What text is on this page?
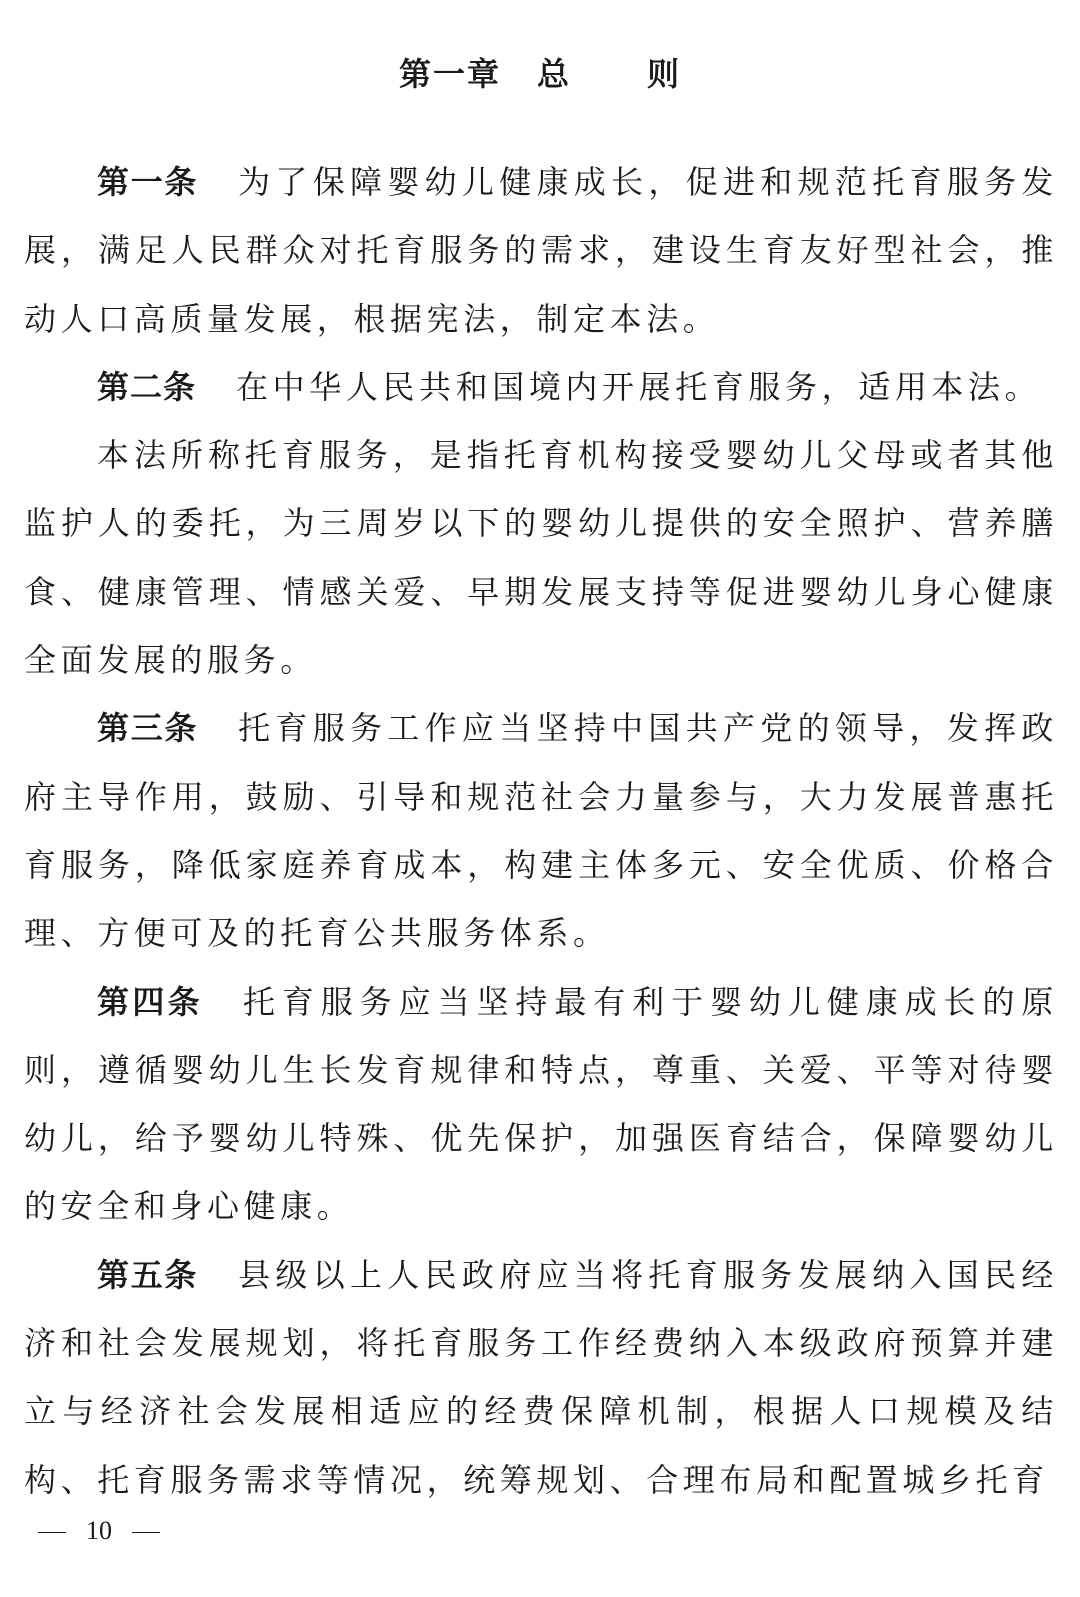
第一章 总 则

第一条 为了保障婴幼儿健康成长，促进和规范托育服务发展，满足人民群众对托育服务的需求，建设生育友好型社会，推动人口高质量发展，根据宪法，制定本法。

第二条 在中华人民共和国境内开展托育服务，适用本法。

本法所称托育服务，是指托育机构接受婴幼儿父母或者其他监护人的委托，为三周岁以下的婴幼儿提供的安全照护、营养膳食、健康管理、情感关爱、早期发展支持等促进婴幼儿身心健康全面发展的服务。

第三条 托育服务工作应当坚持中国共产党的领导，发挥政府主导作用，鼓励、引导和规范社会力量参与，大力发展普惠托育服务，降低家庭养育成本，构建主体多元、安全优质、价格合理、方便可及的托育公共服务体系。

第四条 托育服务应当坚持最有利于婴幼儿健康成长的原则，遵循婴幼儿生长发育规律和特点，尊重、关爱、平等对待婴幼儿，给予婴幼儿特殊、优先保护，加强医育结合，保障婴幼儿的安全和身心健康。

第五条 县级以上人民政府应当将托育服务发展纳入国民经济和社会发展规划，将托育服务工作经费纳入本级政府预算并建立与经济社会发展相适应的经费保障机制，根据人口规模及结构、托育服务需求等情况，统筹规划、合理布局和配置城乡托育

10
